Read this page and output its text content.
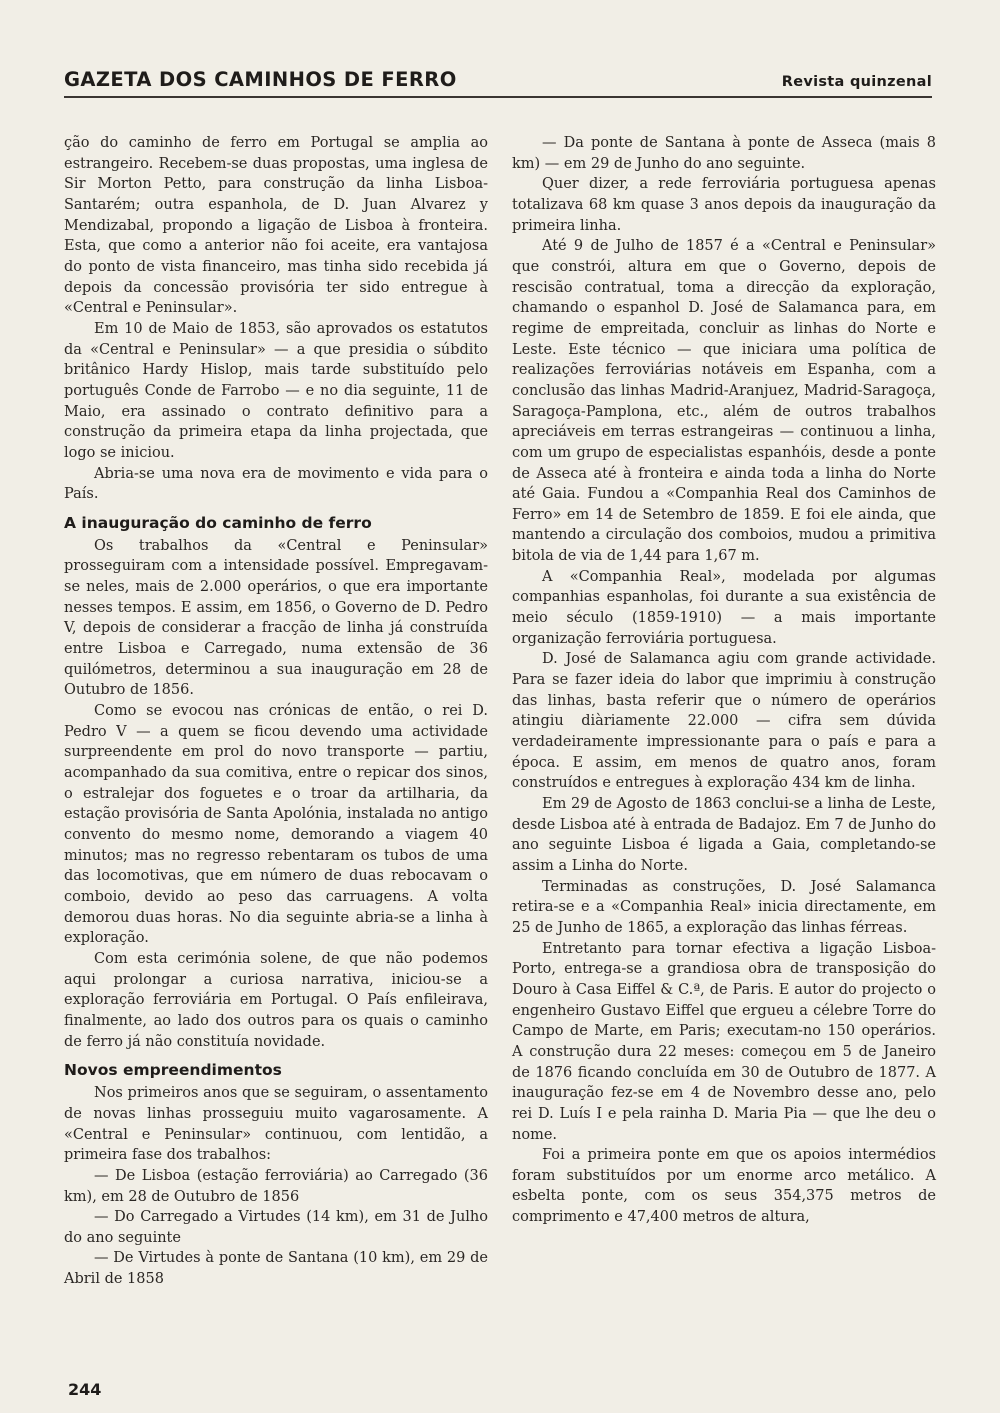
GAZETA DOS CAMINHOS DE FERRO	Revista quinzenal

ção do caminho de ferro em Portugal se amplia ao estrangeiro. Recebem-se duas propostas, uma inglesa de Sir Morton Petto, para construção da linha Lisboa-Santarém; outra espanhola, de D. Juan Alvarez y Mendizabal, propondo a ligação de Lisboa à fronteira. Esta, que como a anterior não foi aceite, era vantajosa do ponto de vista financeiro, mas tinha sido recebida já depois da concessão provisória ter sido entregue à «Central e Peninsular».

Em 10 de Maio de 1853, são aprovados os estatutos da «Central e Peninsular» — a que presidia o súbdito britânico Hardy Hislop, mais tarde substituído pelo português Conde de Farrobo — e no dia seguinte, 11 de Maio, era assinado o contrato definitivo para a construção da primeira etapa da linha projectada, que logo se iniciou.

Abria-se uma nova era de movimento e vida para o País.

A inauguração do caminho de ferro

Os trabalhos da «Central e Peninsular» prosseguiram com a intensidade possível. Empregavam-se neles, mais de 2.000 operários, o que era importante nesses tempos. E assim, em 1856, o Governo de D. Pedro V, depois de considerar a fracção de linha já construída entre Lisboa e Carregado, numa extensão de 36 quilómetros, determinou a sua inauguração em 28 de Outubro de 1856.

Como se evocou nas crónicas de então, o rei D. Pedro V — a quem se ficou devendo uma actividade surpreendente em prol do novo transporte — partiu, acompanhado da sua comitiva, entre o repicar dos sinos, o estralejar dos foguetes e o troar da artilharia, da estação provisória de Santa Apolónia, instalada no antigo convento do mesmo nome, demorando a viagem 40 minutos; mas no regresso rebentaram os tubos de uma das locomotivas, que em número de duas rebocavam o comboio, devido ao peso das carruagens. A volta demorou duas horas. No dia seguinte abria-se a linha à exploração.

Com esta cerimónia solene, de que não podemos aqui prolongar a curiosa narrativa, iniciou-se a exploração ferroviária em Portugal. O País enfileirava, finalmente, ao lado dos outros para os quais o caminho de ferro já não constituía novidade.

Novos empreendimentos

Nos primeiros anos que se seguiram, o assentamento de novas linhas prosseguiu muito vagarosamente. A «Central e Peninsular» continuou, com lentidão, a primeira fase dos trabalhos:

— De Lisboa (estação ferroviária) ao Carregado (36 km), em 28 de Outubro de 1856

— Do Carregado a Virtudes (14 km), em 31 de Julho do ano seguinte

— De Virtudes à ponte de Santana (10 km), em 29 de Abril de 1858

— Da ponte de Santana à ponte de Asseca (mais 8 km) — em 29 de Junho do ano seguinte.

Quer dizer, a rede ferroviária portuguesa apenas totalizava 68 km quase 3 anos depois da inauguração da primeira linha.

Até 9 de Julho de 1857 é a «Central e Peninsular» que constrói, altura em que o Governo, depois de rescisão contratual, toma a direcção da exploração, chamando o espanhol D. José de Salamanca para, em regime de empreitada, concluir as linhas do Norte e Leste. Este técnico — que iniciara uma política de realizações ferroviárias notáveis em Espanha, com a conclusão das linhas Madrid-Aranjuez, Madrid-Saragoça, Saragoça-Pamplona, etc., além de outros trabalhos apreciáveis em terras estrangeiras — continuou a linha, com um grupo de especialistas espanhóis, desde a ponte de Asseca até à fronteira e ainda toda a linha do Norte até Gaia. Fundou a «Companhia Real dos Caminhos de Ferro» em 14 de Setembro de 1859. E foi ele ainda, que mantendo a circulação dos comboios, mudou a primitiva bitola de via de 1,44 para 1,67 m.

A «Companhia Real», modelada por algumas companhias espanholas, foi durante a sua existência de meio século (1859-1910) — a mais importante organização ferroviária portuguesa.

D. José de Salamanca agiu com grande actividade. Para se fazer ideia do labor que imprimiu à construção das linhas, basta referir que o número de operários atingiu diàriamente 22.000 — cifra sem dúvida verdadeiramente impressionante para o país e para a época. E assim, em menos de quatro anos, foram construídos e entregues à exploração 434 km de linha.

Em 29 de Agosto de 1863 conclui-se a linha de Leste, desde Lisboa até à entrada de Badajoz. Em 7 de Junho do ano seguinte Lisboa é ligada a Gaia, completando-se assim a Linha do Norte.

Terminadas as construções, D. José Salamanca retira-se e a «Companhia Real» inicia directamente, em 25 de Junho de 1865, a exploração das linhas férreas.

Entretanto para tornar efectiva a ligação Lisboa-Porto, entrega-se a grandiosa obra de transposição do Douro à Casa Eiffel & C.ª, de Paris. E autor do projecto o engenheiro Gustavo Eiffel que ergueu a célebre Torre do Campo de Marte, em Paris; executam-no 150 operários. A construção dura 22 meses: começou em 5 de Janeiro de 1876 ficando concluída em 30 de Outubro de 1877. A inauguração fez-se em 4 de Novembro desse ano, pelo rei D. Luís I e pela rainha D. Maria Pia — que lhe deu o nome.

Foi a primeira ponte em que os apoios intermédios foram substituídos por um enorme arco metálico. A esbelta ponte, com os seus 354,375 metros de comprimento e 47,400 metros de altura,

244
